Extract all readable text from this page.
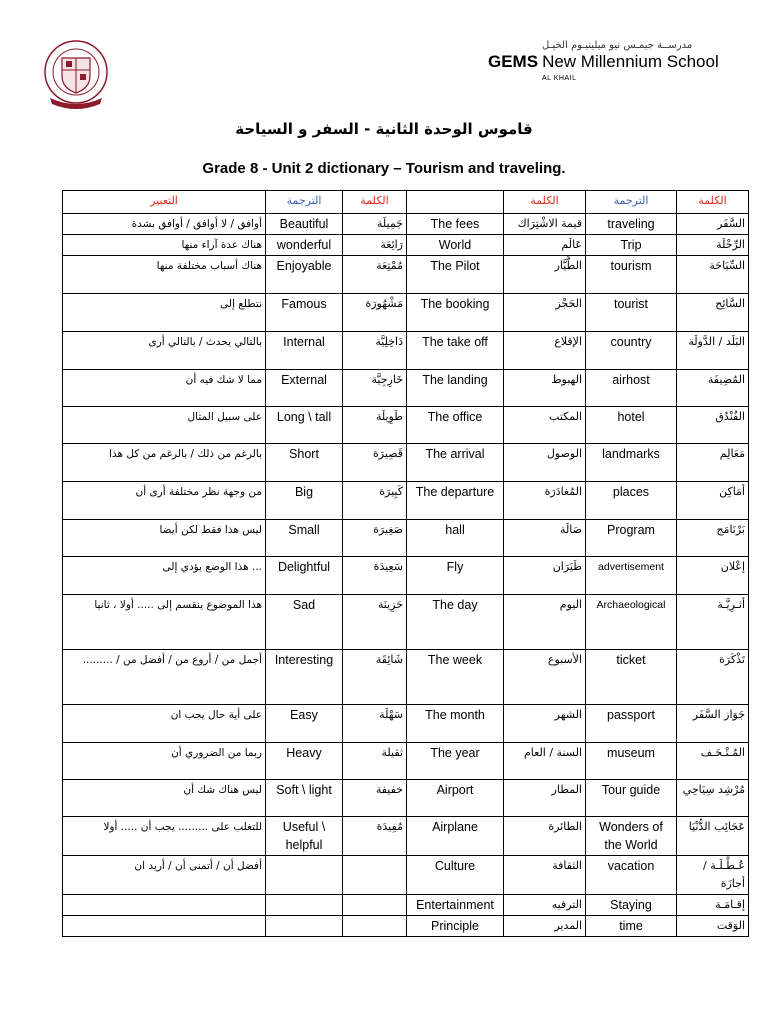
مدرســة جيمـس نيو ميلينيـوم الخيـل
GEMS New Millennium School
AL KHAIL
قاموس الوحدة الثانية - السفر و السياحة
Grade 8 - Unit 2 dictionary – Tourism and traveling.
التعبير	الترجمة	الكلمة		الكلمة	الترجمة	الكلمة
أوافق / لا أوافق / أوافق بشدة	Beautiful	جَمِيلَة	The fees	قيمة الاشْتِرَاك	traveling	السَّفَر
هناك عدة آراء منها	wonderful	رَائِعَة	World	عَالَم	Trip	الرِّحْلَة
هناك أسباب مختلفة منها	Enjoyable	مُمْتِعَة	The Pilot	الطَّيَّار	tourism	السِّيَاحَة
نتطلع إلى	Famous	مَشْهُورَة	The booking	الحَجْز	tourist	السَّائِح
بالتالي يحدث / بالتالي أرى	Internal	دَاخِلِيَّة	The take off	الإقلاع	country	البَلَد / الدَّولَة
مما لا شك فيه أن	External	خَارِجِيَّة	The landing	الهبوط	airhost	المُضِيفَة
على سبيل المثال	Long \ tall	طَوِيلَة	The office	المكتب	hotel	الفُنْدُق
بالرغم من ذلك / بالرغم من كل هذا	Short	قَصِيرَة	The arrival	الوصول	landmarks	مَعَالِم
من وجهة نظر مختلفة أرى أن	Big	كَبِيرَة	The departure	المُغادَرَة	places	أمَاكِن
ليس هذا فقط لكن أيضا	Small	صَغِيرَة	hall	صَالَة	Program	بَرْنَامَج
... هذا الوضع يؤدي إلى	Delightful	سَعِيدَة	Fly	طَيَرَان	advertisement	إعْلان
هذا الموضوع ينقسم إلى ..... أولا ، ثانيا	Sad	حَزِينَة	The day	اليوم	Archaeological	أثـرِيَّـة
أجمل من / أروع من / أفضل من / .........	Interesting	شَائِقَة	The week	الأسبوع	ticket	تَذْكَرَة
على أية حال يجب ان	Easy	سَهْلَة	The month	الشهر	passport	جَوَاز السَّفَر
ربما من الضروري أن	Heavy	ثقيلة	The year	السنة / العام	museum	المُـتْـحَـف
ليس هناك شك أن	Soft \ light	خفيفة	Airport	المطار	Tour guide	مُرْشِد سِيَاحِي
للتغلب على ......... يجب أن ..... أولا	Useful \ helpful	مُفِيدَة	Airplane	الطائرة	Wonders of the World	عَجَائِب الدُّنْيَا
أفضل أن / أتمنى أن / أريد ان			Culture	الثقافة	vacation	عُـطْـلَـة / أجازَة
			Entertainment	الترفيه	Staying	إقـامَـة
			Principle	المدير	time	الوَقت
